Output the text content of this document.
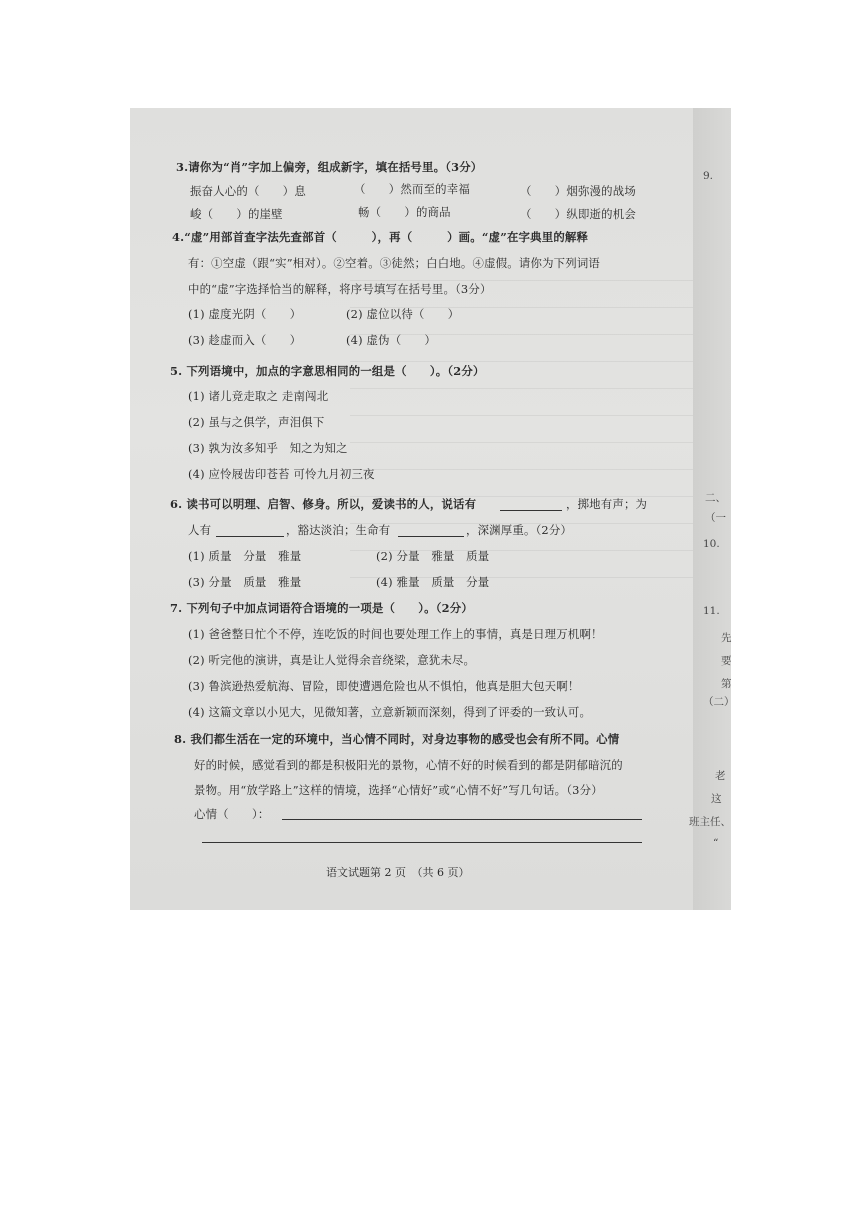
3.请你为“肖”字加上偏旁，组成新字，填在括号里。（3分）
振奋人心的（　　）息	（　　）然而至的幸福	（　　）烟弥漫的战场
峻（　　）的崖壁	畅（　　）的商品	（　　）纵即逝的机会
4.“虚”用部首查字法先查部首（　　　），再（　　　）画。“虚”在字典里的解释
有：①空虚（跟“实”相对）。②空着。③徒然；白白地。④虚假。请你为下列词语
中的“虚”字选择恰当的解释，将序号填写在括号里。（3分）
(1) 虚度光阴（　　）	(2) 虚位以待（　　）
(3) 趁虚而入（　　）	(4) 虚伪（　　）
5. 下列语境中，加点的字意思相同的一组是（　　）。（2分）
(1) 诸儿竞走取之 走南闯北
(2) 虽与之俱学，声泪俱下
(3) 孰为汝多知乎　知之为知之
(4) 应怜屐齿印苍苔 可怜九月初三夜
6. 读书可以明理、启智、修身。所以，爱读书的人，说话有	，掷地有声；为
人有	，豁达淡泊；生命有	，深渊厚重。（2分）
(1) 质量　分量　雅量	(2) 分量　雅量　质量
(3) 分量　质量　雅量	(4) 雅量　质量　分量
7. 下列句子中加点词语符合语境的一项是（　　）。（2分）
(1) 爸爸整日忙个不停，连吃饭的时间也要处理工作上的事情，真是日理万机啊！
(2) 听完他的演讲，真是让人觉得余音绕梁，意犹未尽。
(3) 鲁滨逊热爱航海、冒险，即使遭遇危险也从不惧怕，他真是胆大包天啊！
(4) 这篇文章以小见大，见微知著，立意新颖而深刻，得到了评委的一致认可。
8. 我们都生活在一定的环境中，当心情不同时，对身边事物的感受也会有所不同。心情
好的时候，感觉看到的都是积极阳光的景物，心情不好的时候看到的都是阴郁暗沉的
景物。用“放学路上”这样的情境，选择“心情好”或“心情不好”写几句话。（3分）
心情（　　）：
语文试题第 2 页　（共 6 页）
9.
二、
（一
10.
11.
先
要
第
（二）
老
这
班主任、
“
